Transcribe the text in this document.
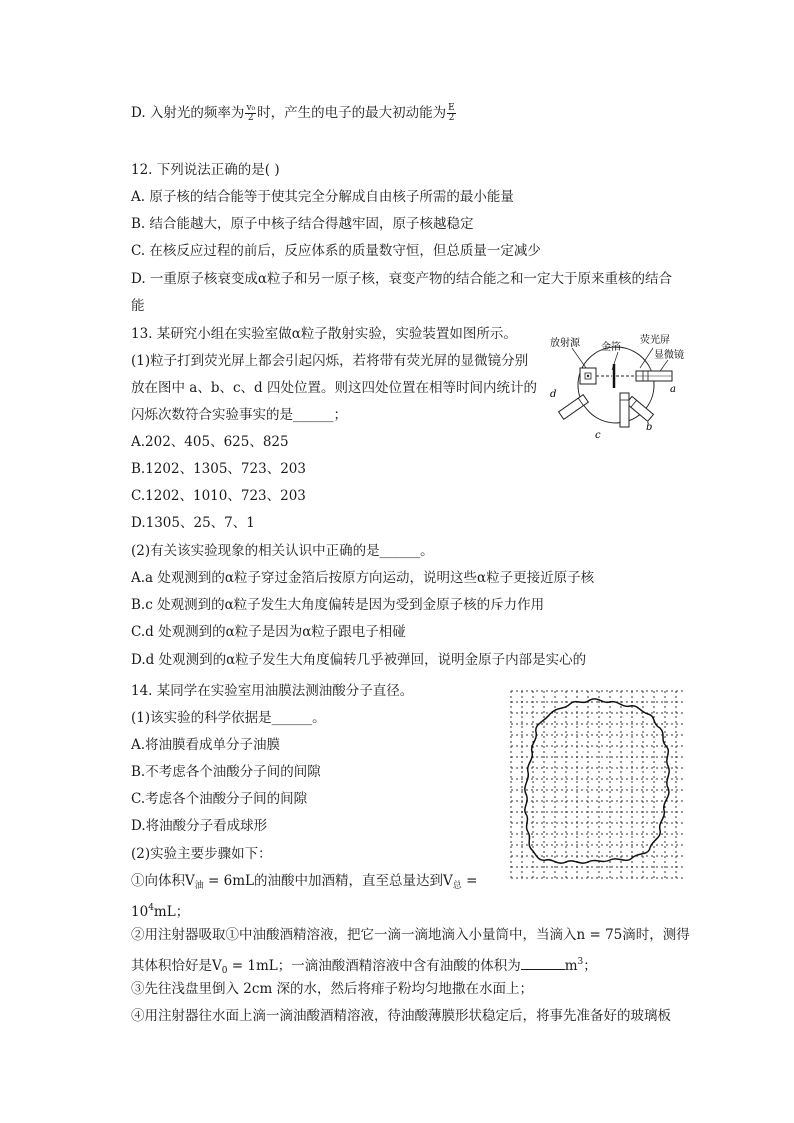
D. 入射光的频率为 $\frac{\text{v₀}}{2}$ 时，产生的电子的最大初动能为 $\frac{E}{2}$
12. 下列说法正确的是( )
A. 原子核的结合能等于使其完全分解成自由核子所需的最小能量
B. 结合能越大，原子中核子结合得越牢固，原子核越稳定
C. 在核反应过程的前后，反应体系的质量数守恒，但总质量一定减少
D. 一重原子核衰变成α粒子和另一原子核，衰变产物的结合能之和一定大于原来重核的结合
能
13. 某研究小组在实验室做α粒子散射实验，实验装置如图所示。
(1)粒子打到荧光屏上都会引起闪烁，若将带有荧光屏的显微镜分别
放在图中 a、b、c、d 四处位置。则这四处位置在相等时间内统计的
闪烁次数符合实验事实的是______；
A.202、405、625、825
B.1202、1305、723、203
C.1202、1010、723、203
D.1305、25、7、1
(2)有关该实验现象的相关认识中正确的是______。
A.a 处观测到的α粒子穿过金箔后按原方向运动，说明这些α粒子更接近原子核
B.c 处观测到的α粒子发生大角度偏转是因为受到金原子核的斥力作用
C.d 处观测到的α粒子是因为α粒子跟电子相碰
D.d 处观测到的α粒子发生大角度偏转几乎被弹回，说明金原子内部是实心的
放射源 金箔
荧光屏
显微镜
a
b
c
d
14. 某同学在实验室用油膜法测油酸分子直径。
(1)该实验的科学依据是______。
A.将油膜看成单分子油膜
B.不考虑各个油酸分子间的间隙
C.考虑各个油酸分子间的间隙
D.将油酸分子看成球形
(2)实验主要步骤如下：
①向体积$V_油 = 6mL$的油酸中加酒精，直至总量达到$V_总$ =
$10^4mL$；
②用注射器吸取①中油酸酒精溶液，把它一滴一滴地滴入小量筒中，当滴入n = 75滴时，测得
其体积恰好是$V_0 = 1mL$；一滴油酸酒精溶液中含有油酸的体积为	$m^3$；
③先往浅盘里倒入 2cm 深的水，然后将痱子粉均匀地撒在水面上；
④用注射器往水面上滴一滴油酸酒精溶液，待油酸薄膜形状稳定后，将事先准备好的玻璃板
